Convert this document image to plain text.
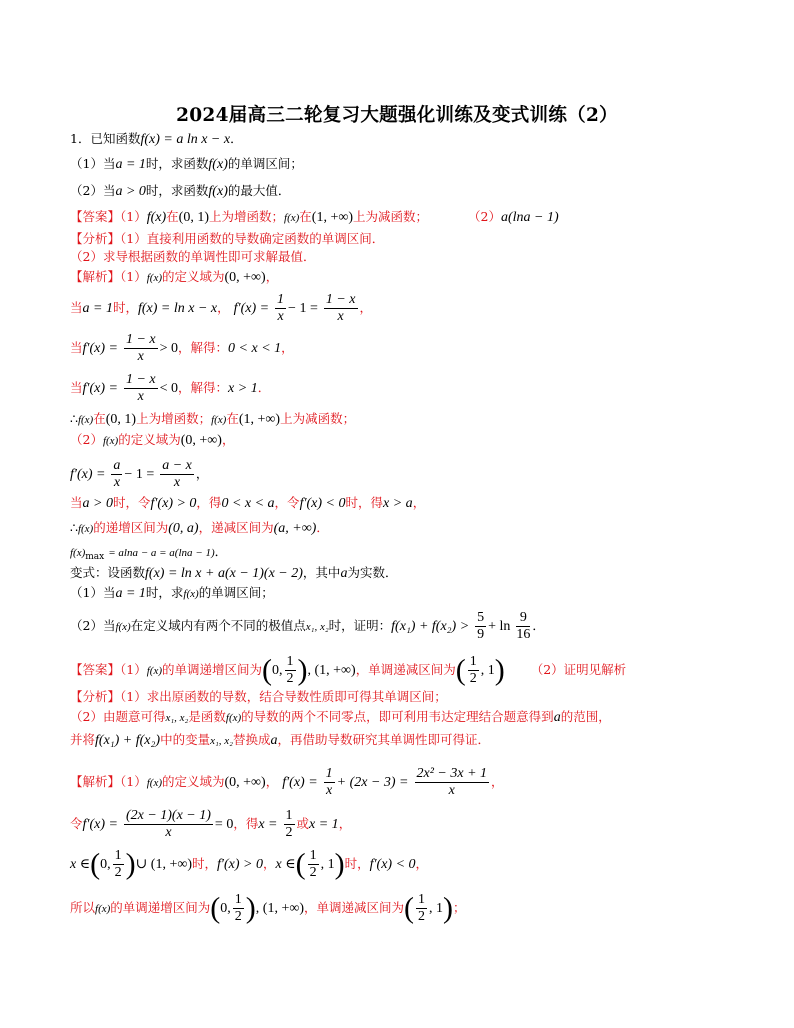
2024届高三二轮复习大题强化训练及变式训练（2）
1．已知函数f(x) = a ln x − x．
（1）当a = 1时，求函数f(x)的单调区间；
（2）当a > 0时，求函数f(x)的最大值．
【答案】（1）f(x)在(0, 1)上为增函数；f(x)在(1, +∞)上为减函数；	（2）a(lna − 1)
【分析】（1）直接利用函数的导数确定函数的单调区间．
（2）求导根据函数的单调性即可求解最值．
【解析】（1）f(x)的定义域为(0, +∞)，
当a = 1时，f(x) = ln x − x， $f'(x) = \frac{1}{x} - 1 = \frac{1 - x}{x}$ ，
当$f'(x) = \frac{1 - x}{x} > 0$，解得：0 < x < 1，
当$f'(x) = \frac{1 - x}{x} < 0$，解得：x > 1．
∴f(x)在(0, 1)上为增函数；f(x)在(1, +∞)上为减函数；
（2）f(x)的定义域为(0, +∞)，
$f'(x) = \frac{a}{x} - 1 = \frac{a - x}{x}$ ，
当a > 0时，令f′(x) > 0，得0 < x < a，令f′(x) < 0时，得x > a，
∴f(x)的递增区间为(0, a)，递减区间为(a, +∞)．
$f(x)_{max} = alna - a = a(\ln a - 1)$．
变式：设函数f(x) = ln x + a(x − 1)(x − 2)，其中a为实数．
（1）当a = 1时，求f(x)的单调区间；
（2）当f(x)在定义域内有两个不同的极值点x₁, x₂时，证明：$f(x_1) + f(x_2) > \frac{5}{9} + \ln \frac{9}{16}$ ．
【答案】（1）f(x)的单调递增区间为(0, $\frac{1}{2}$ ), (1, +∞)，单调递减区间为( $\frac{1}{2}$ , 1) （2）证明见解析
【分析】（1）求出原函数的导数，结合导数性质即可得其单调区间；
（2）由题意可得x₁, x₂是函数f(x)的导数的两个不同零点，即可利用韦达定理结合题意得到a的范围，
并将f(x₁) + f(x₂)中的变量x₁, x₂替换成a，再借助导数研究其单调性即可得证．
【解析】（1）f(x)的定义域为(0, +∞)， $f'(x) = \frac{1}{x} + (2x - 3) = \frac{\text{2x² − 3x + 1}}{x}$ ，
令$f'(x) = \frac{(2x - 1)(x - 1)}{x} = 0$，得$x = \frac{1}{2}$ 或x = 1，
x ∈(0, $\frac{1}{2}$ )∪ (1, +∞)时，f′(x) > 0，x ∈( $\frac{1}{2}$ , 1)时，f′(x) < 0，
所以f(x)的单调递增区间为(0, $\frac{1}{2}$ ), (1, +∞)，单调递减区间为( $\frac{1}{2}$ , 1)；
